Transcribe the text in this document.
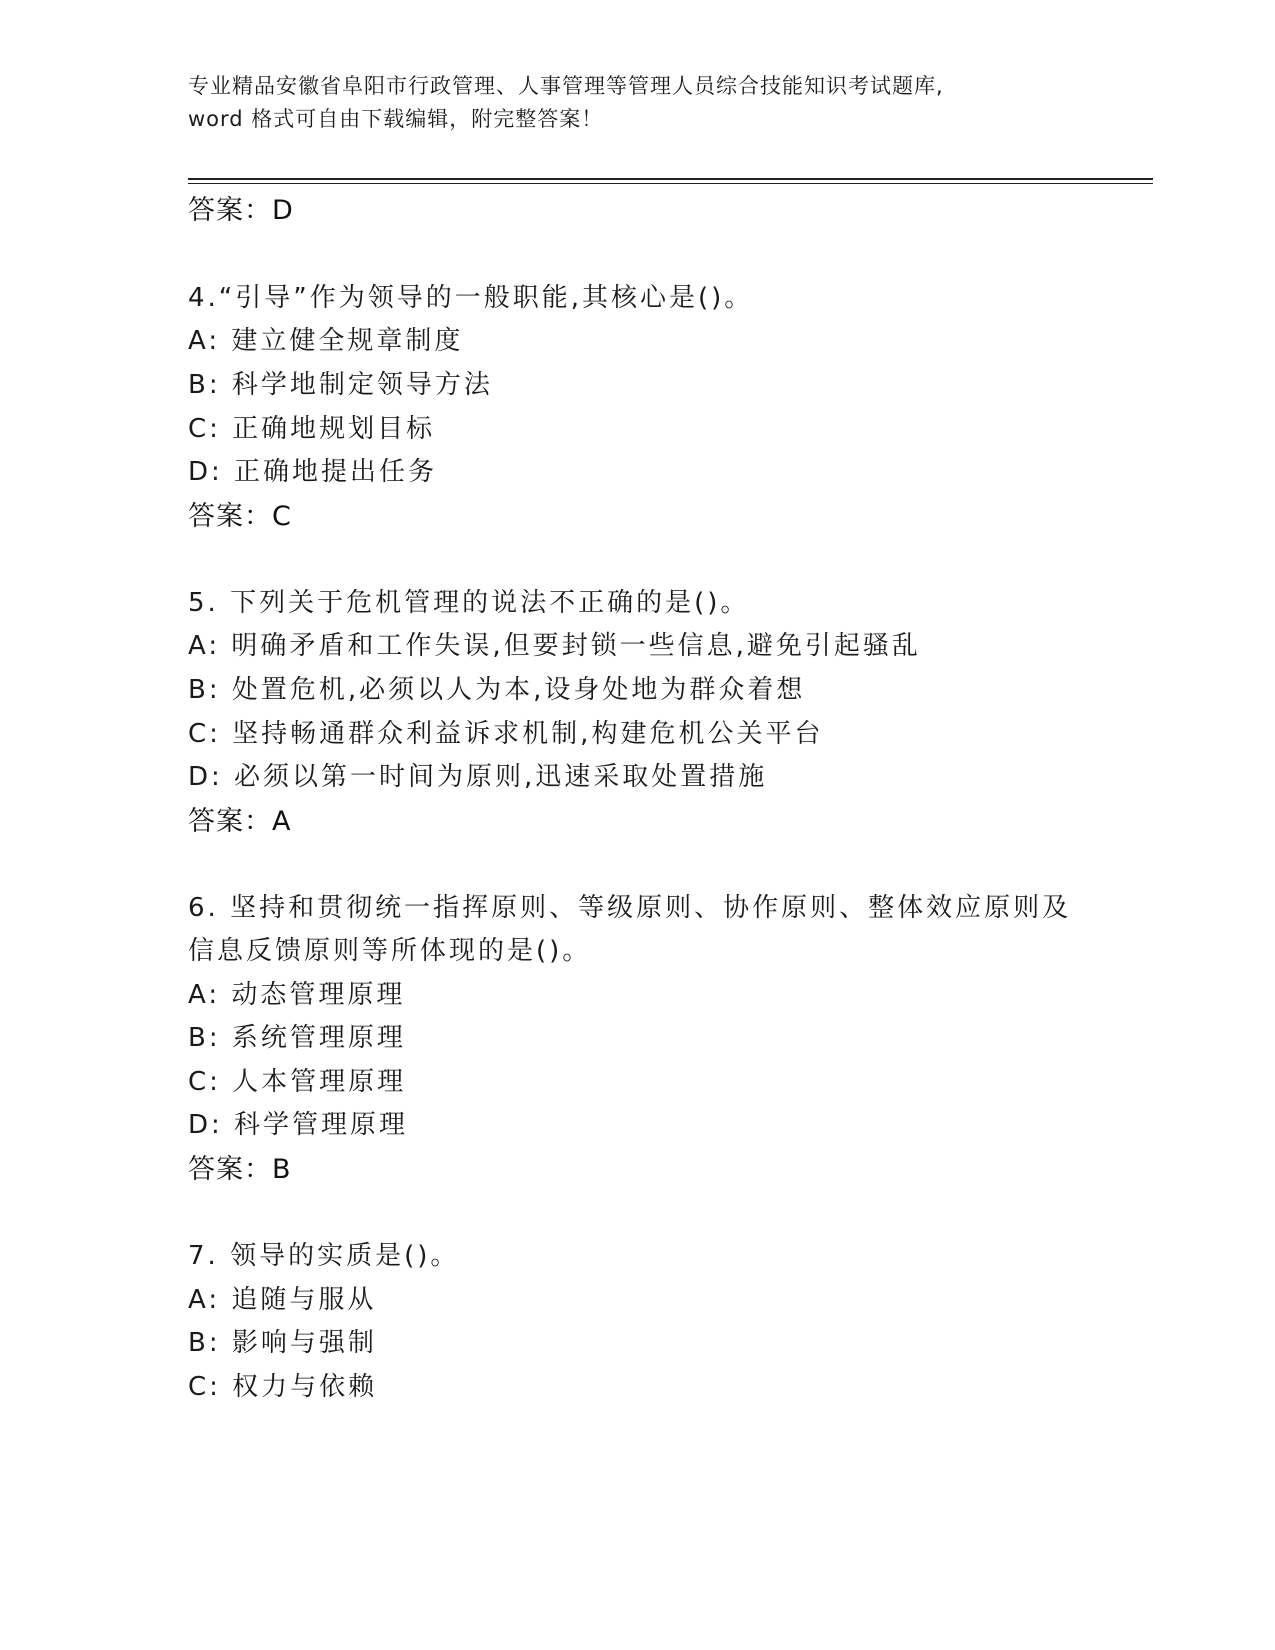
专业精品安徽省阜阳市行政管理、人事管理等管理人员综合技能知识考试题库,
word 格式可自由下载编辑，附完整答案！
答案：D
4.“引导”作为领导的一般职能,其核心是()。
A: 建立健全规章制度
B: 科学地制定领导方法
C: 正确地规划目标
D: 正确地提出任务
答案：C
5. 下列关于危机管理的说法不正确的是()。
A: 明确矛盾和工作失误,但要封锁一些信息,避免引起骚乱
B: 处置危机,必须以人为本,设身处地为群众着想
C: 坚持畅通群众利益诉求机制,构建危机公关平台
D: 必须以第一时间为原则,迅速采取处置措施
答案：A
6. 坚持和贯彻统一指挥原则、等级原则、协作原则、整体效应原则及
信息反馈原则等所体现的是()。
A: 动态管理原理
B: 系统管理原理
C: 人本管理原理
D: 科学管理原理
答案：B
7. 领导的实质是()。
A: 追随与服从
B: 影响与强制
C: 权力与依赖
